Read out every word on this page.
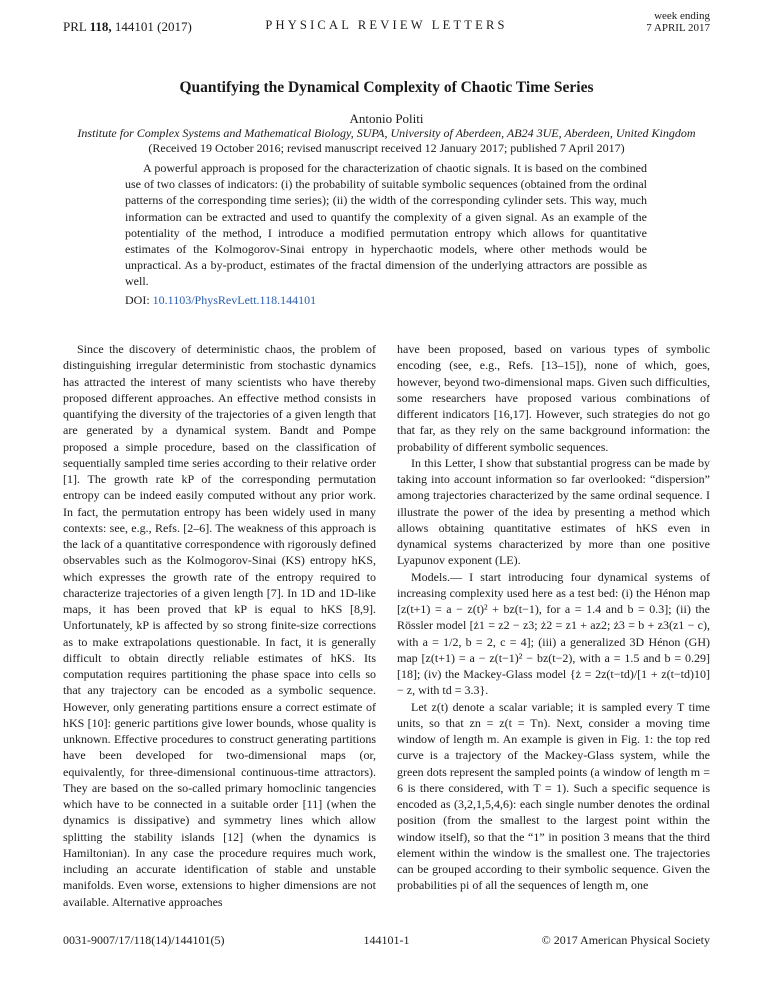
PRL 118, 144101 (2017)	PHYSICAL REVIEW LETTERS
week ending
7 APRIL 2017
Quantifying the Dynamical Complexity of Chaotic Time Series
Antonio Politi
Institute for Complex Systems and Mathematical Biology, SUPA, University of Aberdeen, AB24 3UE, Aberdeen, United Kingdom
(Received 19 October 2016; revised manuscript received 12 January 2017; published 7 April 2017)

A powerful approach is proposed for the characterization of chaotic signals. It is based on the combined use of two classes of indicators: (i) the probability of suitable symbolic sequences (obtained from the ordinal patterns of the corresponding time series); (ii) the width of the corresponding cylinder sets. This way, much information can be extracted and used to quantify the complexity of a given signal. As an example of the potentiality of the method, I introduce a modified permutation entropy which allows for quantitative estimates of the Kolmogorov-Sinai entropy in hyperchaotic models, where other methods would be unpractical. As a by-product, estimates of the fractal dimension of the underlying attractors are possible as well.

DOI: 10.1103/PhysRevLett.118.144101

Since the discovery of deterministic chaos, the problem of distinguishing irregular deterministic from stochastic dynamics has attracted the interest of many scientists who have thereby proposed different approaches. An effective method consists in quantifying the diversity of the trajectories of a given length that are generated by a dynamical system. Bandt and Pompe proposed a simple procedure, based on the classification of sequentially sampled time series according to their relative order [1]. The growth rate kP of the corresponding permutation entropy can be indeed easily computed without any prior work. In fact, the permutation entropy has been widely used in many contexts: see, e.g., Refs. [2–6]. The weakness of this approach is the lack of a quantitative correspondence with rigorously defined observables such as the Kolmogorov-Sinai (KS) entropy hKS, which expresses the growth rate of the entropy required to characterize trajectories of a given length [7]. In 1D and 1D-like maps, it has been proved that kP is equal to hKS [8,9]. Unfortunately, kP is affected by so strong finite-size corrections as to make extrapolations questionable. In fact, it is generally difficult to obtain directly reliable estimates of hKS. Its computation requires partitioning the phase space into cells so that any trajectory can be encoded as a symbolic sequence. However, only generating partitions ensure a correct estimate of hKS [10]: generic partitions give lower bounds, whose quality is unknown. Effective procedures to construct generating partitions have been developed for two-dimensional maps (or, equivalently, for three-dimensional continuous-time attractors). They are based on the so-called primary homoclinic tangencies which have to be connected in a suitable order [11] (when the dynamics is dissipative) and symmetry lines which allow splitting the stability islands [12] (when the dynamics is Hamiltonian). In any case the procedure requires much work, including an accurate identification of stable and unstable manifolds. Even worse, extensions to higher dimensions are not available. Alternative approaches

have been proposed, based on various types of symbolic encoding (see, e.g., Refs. [13–15]), none of which, goes, however, beyond two-dimensional maps. Given such difficulties, some researchers have proposed various combinations of different indicators [16,17]. However, such strategies do not go that far, as they rely on the same background information: the probability of different symbolic sequences.

In this Letter, I show that substantial progress can be made by taking into account information so far overlooked: “dispersion” among trajectories characterized by the same ordinal sequence. I illustrate the power of the idea by presenting a method which allows obtaining quantitative estimates of hKS even in dynamical systems characterized by more than one positive Lyapunov exponent (LE).

Models.— I start introducing four dynamical systems of increasing complexity used here as a test bed: (i) the Hénon map [z(t+1) = a − z(t)² + bz(t−1), for a = 1.4 and b = 0.3]; (ii) the Rössler model [ż1 = z2 − z3; ż2 = z1 + az2; ż3 = b + z3(z1 − c), with a = 1/2, b = 2, c = 4]; (iii) a generalized 3D Hénon (GH) map [z(t+1) = a − z(t−1)² − bz(t−2), with a = 1.5 and b = 0.29] [18]; (iv) the Mackey-Glass model {ż = 2z(t−td)/[1 + z(t−td)10] − z, with td = 3.3}.

Let z(t) denote a scalar variable; it is sampled every T time units, so that zn = z(t = Tn). Next, consider a moving time window of length m. An example is given in Fig. 1: the top red curve is a trajectory of the Mackey-Glass system, while the green dots represent the sampled points (a window of length m = 6 is there considered, with T = 1). Such a specific sequence is encoded as (3,2,1,5,4,6): each single number denotes the ordinal position (from the smallest to the largest point within the window itself), so that the “1” in position 3 means that the third element within the window is the smallest one. The trajectories can be grouped according to their symbolic sequence. Given the probabilities pi of all the sequences of length m, one

0031-9007/17/118(14)/144101(5)	144101-1	© 2017 American Physical Society
